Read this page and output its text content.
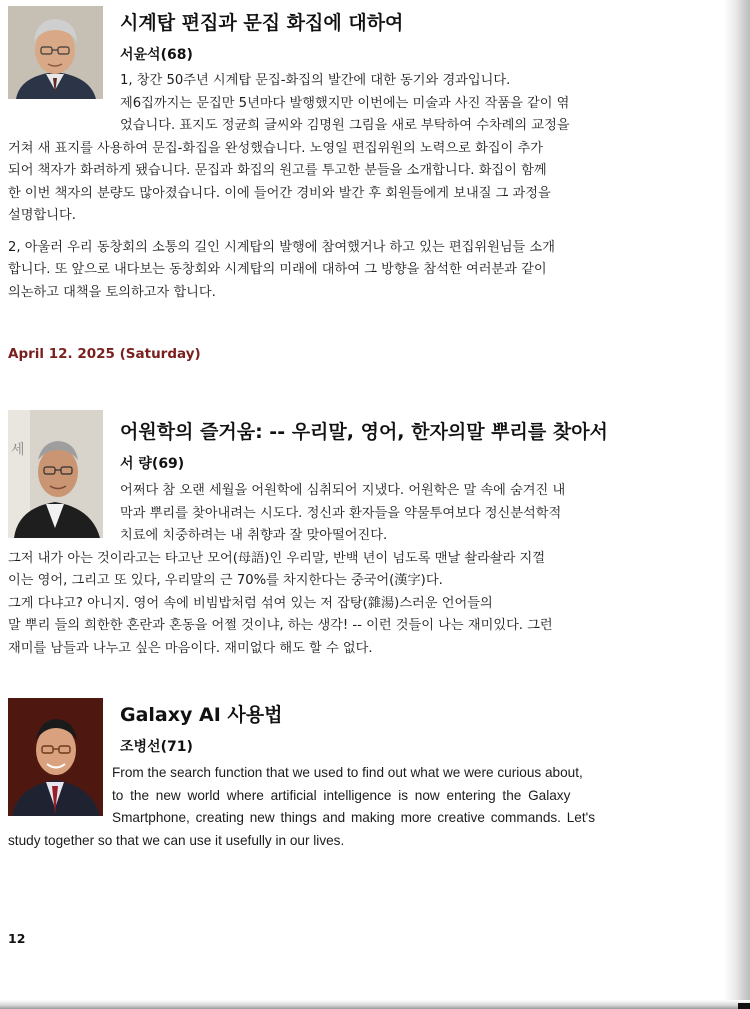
시계탑 편집과 문집 화집에 대하여
서윤석(68)
1, 창간 50주년 시계탑 문집-화집의 발간에 대한 동기와 경과입니다.
제6집까지는 문집만 5년마다 발행했지만 이번에는 미술과 사진 작품을 같이 엮
었습니다. 표지도 정균희 글씨와 김명원 그림을 새로 부탁하여 수차례의 교정을
거쳐 새 표지를 사용하여 문집-화집을 완성했습니다. 노영일 편집위원의 노력으로 화집이 추가
되어 책자가 화려하게 됐습니다. 문집과 화집의 원고를 투고한 분들을 소개합니다. 화집이 함께
한 이번 책자의 분량도 많아졌습니다. 이에 들어간 경비와 발간 후 회원들에게 보내질 그 과정을
설명합니다.
2, 아울러 우리 동창회의 소통의 길인 시계탑의 발행에 참여했거나 하고 있는 편집위원님들 소개
합니다. 또 앞으로 내다보는 동창회와 시계탑의 미래에 대하여 그 방향을 참석한 여러분과 같이
의논하고 대책을 토의하고자 합니다.
April 12. 2025 (Saturday)
세
어원학의 즐거움: -- 우리말, 영어, 한자의말 뿌리를 찾아서
서 량(69)
어쩌다 참 오랜 세월을 어원학에 심취되어 지냈다. 어원학은 말 속에 숨겨진 내
막과 뿌리를 찾아내려는 시도다. 정신과 환자들을 약물투여보다 정신분석학적
치료에 치중하려는 내 취향과 잘 맞아떨어진다.
그저 내가 아는 것이라고는 타고난 모어(母語)인 우리말, 반백 년이 넘도록 맨날 솰라솰라 지껄
이는 영어, 그리고 또 있다, 우리말의 근 70%를 차지한다는 중국어(漢字)다.
그게 다냐고? 아니지. 영어 속에 비빔밥처럼 섞여 있는 저 잡탕(雜湯)스러운 언어들의
말 뿌리 들의 희한한 혼란과 혼동을 어쩔 것이냐, 하는 생각! -- 이런 것들이 나는 재미있다. 그런
재미를 남들과 나누고 싶은 마음이다. 재미없다 해도 할 수 없다.
Galaxy AI 사용법
조병선(71)
From the search function that we used to find out what we were curious about,
to the new world where artificial intelligence is now entering the Galaxy
Smartphone, creating new things and making more creative commands. Let's
study together so that we can use it usefully in our lives.
12
